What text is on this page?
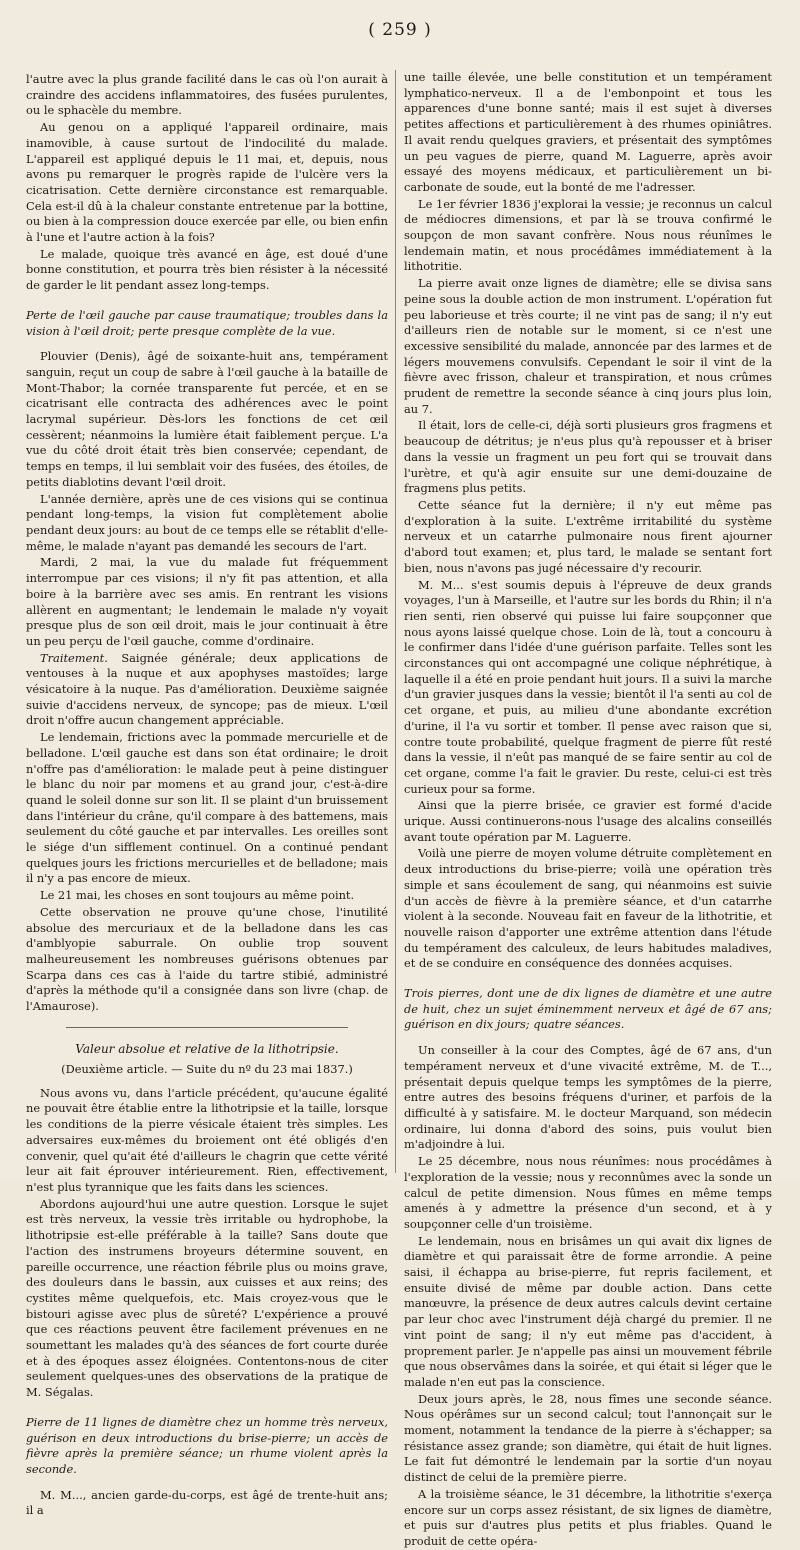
( 259 )

l'autre avec la plus grande facilité dans le cas où l'on aurait à craindre des accidens inflammatoires, des fusées purulentes, ou le sphacèle du membre.

Au genou on a appliqué l'appareil ordinaire, mais inamovible, à cause surtout de l'indocilité du malade. L'appareil est appliqué depuis le 11 mai, et, depuis, nous avons pu remarquer le progrès rapide de l'ulcère vers la cicatrisation. Cette dernière circonstance est remarquable. Cela est-il dû à la chaleur constante entretenue par la bottine, ou bien à la compression douce exercée par elle, ou bien enfin à l'une et l'autre action à la fois?

Le malade, quoique très avancé en âge, est doué d'une bonne constitution, et pourra très bien résister à la nécessité de garder le lit pendant assez long-temps.

Perte de l'œil gauche par cause traumatique; troubles dans la vision à l'œil droit; perte presque complète de la vue.

Plouvier (Denis), âgé de soixante-huit ans, tempérament sanguin, reçut un coup de sabre à l'œil gauche à la bataille de Mont-Thabor; la cornée transparente fut percée, et en se cicatrisant elle contracta des adhérences avec le point lacrymal supérieur. Dès-lors les fonctions de cet œil cessèrent; néanmoins la lumière était faiblement perçue. L'a vue du côté droit était très bien conservée; cependant, de temps en temps, il lui semblait voir des fusées, des étoiles, de petits diablotins devant l'œil droit.

L'année dernière, après une de ces visions qui se continua pendant long-temps, la vision fut complètement abolie pendant deux jours: au bout de ce temps elle se rétablit d'elle-même, le malade n'ayant pas demandé les secours de l'art.

Mardi, 2 mai, la vue du malade fut fréquemment interrompue par ces visions; il n'y fit pas attention, et alla boire à la barrière avec ses amis. En rentrant les visions allèrent en augmentant; le lendemain le malade n'y voyait presque plus de son œil droit, mais le jour continuait à être un peu perçu de l'œil gauche, comme d'ordinaire.

Traitement. Saignée générale; deux applications de ventouses à la nuque et aux apophyses mastoïdes; large vésicatoire à la nuque. Pas d'amélioration. Deuxième saignée suivie d'accidens nerveux, de syncope; pas de mieux. L'œil droit n'offre aucun changement appréciable.

Le lendemain, frictions avec la pommade mercurielle et de belladone. L'œil gauche est dans son état ordinaire; le droit n'offre pas d'amélioration: le malade peut à peine distinguer le blanc du noir par momens et au grand jour, c'est-à-dire quand le soleil donne sur son lit. Il se plaint d'un bruissement dans l'intérieur du crâne, qu'il compare à des battemens, mais seulement du côté gauche et par intervalles. Les oreilles sont le siége d'un sifflement continuel. On a continué pendant quelques jours les frictions mercurielles et de belladone; mais il n'y a pas encore de mieux.

Le 21 mai, les choses en sont toujours au même point.

Cette observation ne prouve qu'une chose, l'inutilité absolue des mercuriaux et de la belladone dans les cas d'amblyopie saburrale. On oublie trop souvent malheureusement les nombreuses guérisons obtenues par Scarpa dans ces cas à l'aide du tartre stibié, administré d'après la méthode qu'il a consignée dans son livre (chap. de l'Amaurose).

Valeur absolue et relative de la lithotripsie.
(Deuxième article. — Suite du nº du 23 mai 1837.)

Nous avons vu, dans l'article précédent, qu'aucune égalité ne pouvait être établie entre la lithotripsie et la taille, lorsque les conditions de la pierre vésicale étaient très simples. Les adversaires eux-mêmes du broiement ont été obligés d'en convenir, quel qu'ait été d'ailleurs le chagrin que cette vérité leur ait fait éprouver intérieurement. Rien, effectivement, n'est plus tyrannique que les faits dans les sciences.

Abordons aujourd'hui une autre question. Lorsque le sujet est très nerveux, la vessie très irritable ou hydrophobe, la lithotripsie est-elle préférable à la taille? Sans doute que l'action des instrumens broyeurs détermine souvent, en pareille occurrence, une réaction fébrile plus ou moins grave, des douleurs dans le bassin, aux cuisses et aux reins; des cystites même quelquefois, etc. Mais croyez-vous que le bistouri agisse avec plus de sûreté? L'expérience a prouvé que ces réactions peuvent être facilement prévenues en ne soumettant les malades qu'à des séances de fort courte durée et à des époques assez éloignées. Contentons-nous de citer seulement quelques-unes des observations de la pratique de M. Ségalas.

Pierre de 11 lignes de diamètre chez un homme très nerveux, guérison en deux introductions du brise-pierre; un accès de fièvre après la première séance; un rhume violent après la seconde.

M. M..., ancien garde-du-corps, est âgé de trente-huit ans; il a

une taille élevée, une belle constitution et un tempérament lymphatico-nerveux. Il a de l'embonpoint et tous les apparences d'une bonne santé; mais il est sujet à diverses petites affections et particulièrement à des rhumes opiniâtres. Il avait rendu quelques graviers, et présentait des symptômes un peu vagues de pierre, quand M. Laguerre, après avoir essayé des moyens médicaux, et particulièrement un bi-carbonate de soude, eut la bonté de me l'adresser.

Le 1er février 1836 j'explorai la vessie; je reconnus un calcul de médiocres dimensions, et par là se trouva confirmé le soupçon de mon savant confrère. Nous nous réunîmes le lendemain matin, et nous procédâmes immédiatement à la lithotritie.

La pierre avait onze lignes de diamètre; elle se divisa sans peine sous la double action de mon instrument. L'opération fut peu laborieuse et très courte; il ne vint pas de sang; il n'y eut d'ailleurs rien de notable sur le moment, si ce n'est une excessive sensibilité du malade, annoncée par des larmes et de légers mouvemens convulsifs. Cependant le soir il vint de la fièvre avec frisson, chaleur et transpiration, et nous crûmes prudent de remettre la seconde séance à cinq jours plus loin, au 7.

Il était, lors de celle-ci, déjà sorti plusieurs gros fragmens et beaucoup de détritus; je n'eus plus qu'à repousser et à briser dans la vessie un fragment un peu fort qui se trouvait dans l'urètre, et qu'à agir ensuite sur une demi-douzaine de fragmens plus petits.

Cette séance fut la dernière; il n'y eut même pas d'exploration à la suite. L'extrême irritabilité du système nerveux et un catarrhe pulmonaire nous firent ajourner d'abord tout examen; et, plus tard, le malade se sentant fort bien, nous n'avons pas jugé nécessaire d'y recourir.

M. M... s'est soumis depuis à l'épreuve de deux grands voyages, l'un à Marseille, et l'autre sur les bords du Rhin; il n'a rien senti, rien observé qui puisse lui faire soupçonner que nous ayons laissé quelque chose. Loin de là, tout a concouru à le confirmer dans l'idée d'une guérison parfaite. Telles sont les circonstances qui ont accompagné une colique néphrétique, à laquelle il a été en proie pendant huit jours. Il a suivi la marche d'un gravier jusques dans la vessie; bientôt il l'a senti au col de cet organe, et puis, au milieu d'une abondante excrétion d'urine, il l'a vu sortir et tomber. Il pense avec raison que si, contre toute probabilité, quelque fragment de pierre fût resté dans la vessie, il n'eût pas manqué de se faire sentir au col de cet organe, comme l'a fait le gravier. Du reste, celui-ci est très curieux pour sa forme.

Ainsi que la pierre brisée, ce gravier est formé d'acide urique. Aussi continuerons-nous l'usage des alcalins conseillés avant toute opération par M. Laguerre.

Voilà une pierre de moyen volume détruite complètement en deux introductions du brise-pierre; voilà une opération très simple et sans écoulement de sang, qui néanmoins est suivie d'un accès de fièvre à la première séance, et d'un catarrhe violent à la seconde. Nouveau fait en faveur de la lithotritie, et nouvelle raison d'apporter une extrême attention dans l'étude du tempérament des calculeux, de leurs habitudes maladives, et de se conduire en conséquence des données acquises.

Trois pierres, dont une de dix lignes de diamètre et une autre de huit, chez un sujet éminemment nerveux et âgé de 67 ans; guérison en dix jours; quatre séances.

Un conseiller à la cour des Comptes, âgé de 67 ans, d'un tempérament nerveux et d'une vivacité extrême, M. de T..., présentait depuis quelque temps les symptômes de la pierre, entre autres des besoins fréquens d'uriner, et parfois de la difficulté à y satisfaire. M. le docteur Marquand, son médecin ordinaire, lui donna d'abord des soins, puis voulut bien m'adjoindre à lui.

Le 25 décembre, nous nous réunîmes: nous procédâmes à l'exploration de la vessie; nous y reconnûmes avec la sonde un calcul de petite dimension. Nous fûmes en même temps amenés à y admettre la présence d'un second, et à y soupçonner celle d'un troisième.

Le lendemain, nous en brisâmes un qui avait dix lignes de diamètre et qui paraissait être de forme arrondie. A peine saisi, il échappa au brise-pierre, fut repris facilement, et ensuite divisé de même par double action. Dans cette manœuvre, la présence de deux autres calculs devint certaine par leur choc avec l'instrument déjà chargé du premier. Il ne vint point de sang; il n'y eut même pas d'accident, à proprement parler. Je n'appelle pas ainsi un mouvement fébrile que nous observâmes dans la soirée, et qui était si léger que le malade n'en eut pas la conscience.

Deux jours après, le 28, nous fîmes une seconde séance. Nous opérâmes sur un second calcul; tout l'annonçait sur le moment, notamment la tendance de la pierre à s'échapper; sa résistance assez grande; son diamètre, qui était de huit lignes. Le fait fut démontré le lendemain par la sortie d'un noyau distinct de celui de la première pierre.

A la troisième séance, le 31 décembre, la lithotritie s'exerça encore sur un corps assez résistant, de six lignes de diamètre, et puis sur d'autres plus petits et plus friables. Quand le produit de cette opéra-
